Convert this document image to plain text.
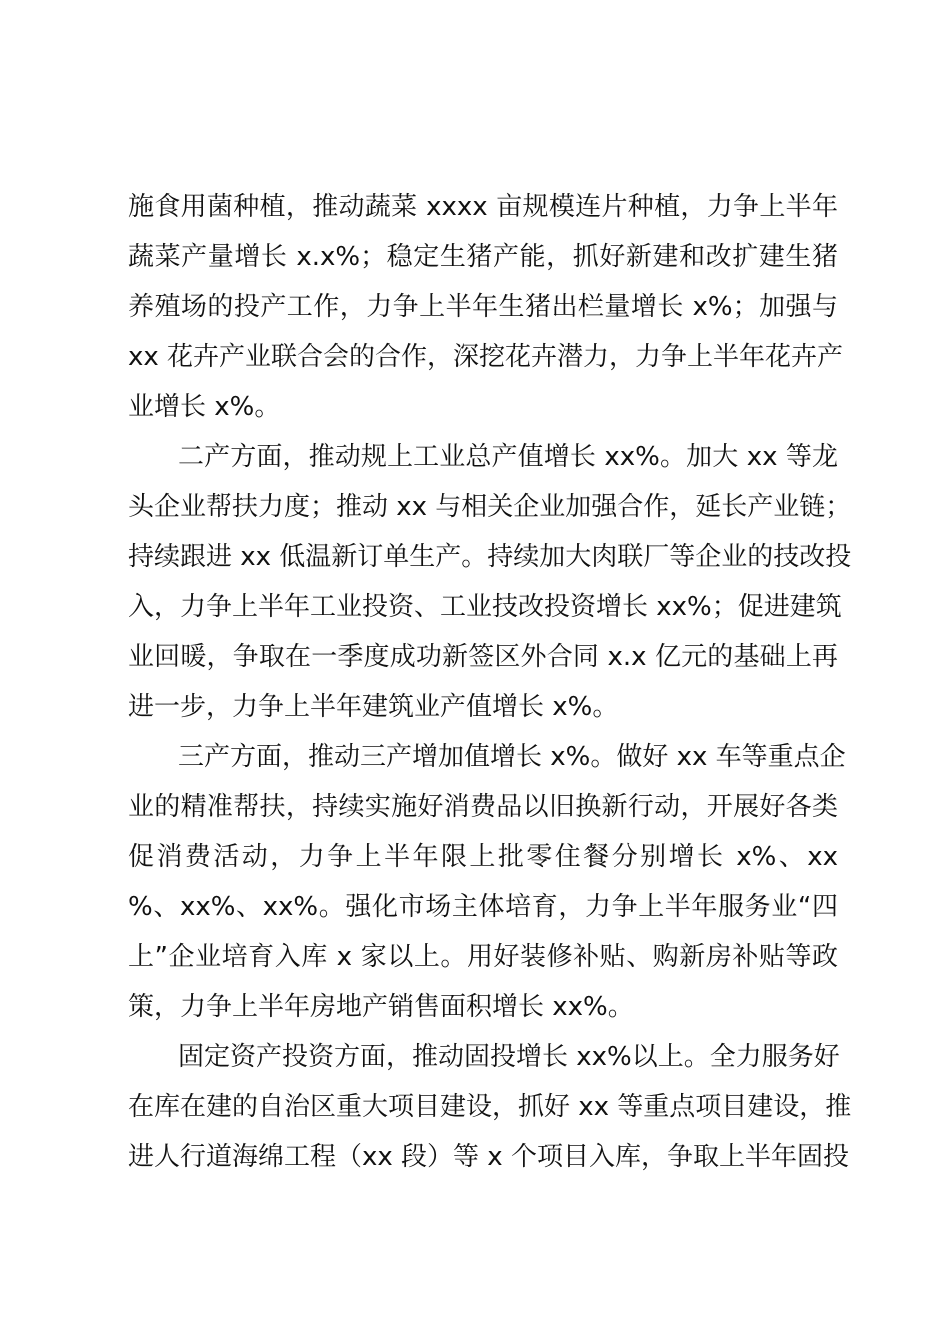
施食用菌种植，推动蔬菜 xxxx 亩规模连片种植，力争上半年
蔬菜产量增长 x.x%；稳定生猪产能，抓好新建和改扩建生猪
养殖场的投产工作，力争上半年生猪出栏量增长 x%；加强与
xx 花卉产业联合会的合作，深挖花卉潜力，力争上半年花卉产
业增长 x%。
二产方面，推动规上工业总产值增长 xx%。加大 xx 等龙
头企业帮扶力度；推动 xx 与相关企业加强合作，延长产业链；
持续跟进 xx 低温新订单生产。持续加大肉联厂等企业的技改投
入，力争上半年工业投资、工业技改投资增长 xx%；促进建筑
业回暖，争取在一季度成功新签区外合同 x.x 亿元的基础上再
进一步，力争上半年建筑业产值增长 x%。
三产方面，推动三产增加值增长 x%。做好 xx 车等重点企
业的精准帮扶，持续实施好消费品以旧换新行动，开展好各类
促消费活动，力争上半年限上批零住餐分别增长 x%、xx
%、xx%、xx%。强化市场主体培育，力争上半年服务业“四
上”企业培育入库 x 家以上。用好装修补贴、购新房补贴等政
策，力争上半年房地产销售面积增长 xx%。
固定资产投资方面，推动固投增长 xx%以上。全力服务好
在库在建的自治区重大项目建设，抓好 xx 等重点项目建设，推
进人行道海绵工程（xx 段）等 x 个项目入库，争取上半年固投
